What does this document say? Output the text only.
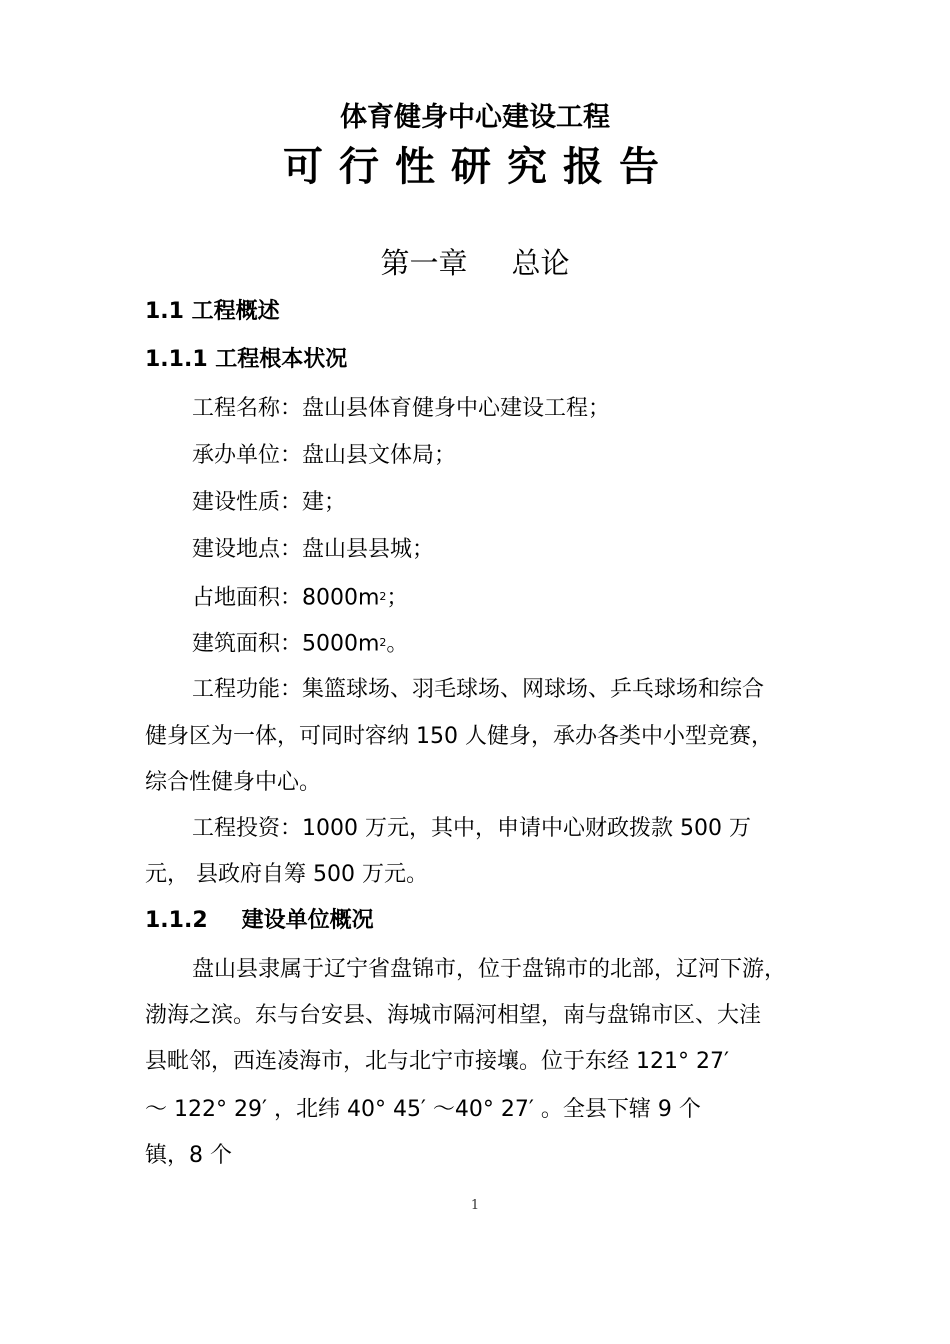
体育健身中心建设工程
可行性研究报告
第一章 总论
1.1 工程概述
1.1.1 工程根本状况
工程名称：盘山县体育健身中心建设工程；
承办单位：盘山县文体局；
建设性质：建；
建设地点：盘山县县城；
占地面积：$8000m^2$；
建筑面积：$5000m^2$。
工程功能：集篮球场、羽毛球场、网球场、乒乓球场和综合
健身区为一体，可同时容纳 150 人健身，承办各类中小型竞赛，
综合性健身中心。
工程投资：1000 万元，其中，申请中心财政拨款 500 万
元， 县政府自筹 500 万元。
1.1.2 建设单位概况
盘山县隶属于辽宁省盘锦市，位于盘锦市的北部，辽河下游，
渤海之滨。东与台安县、海城市隔河相望，南与盘锦市区、大洼
县毗邻，西连凌海市，北与北宁市接壤。位于东经 121° 27′
～ 122° 29′ ，北纬 40° 45′ ～40° 27′ 。全县下辖 9 个
镇，8 个
1
